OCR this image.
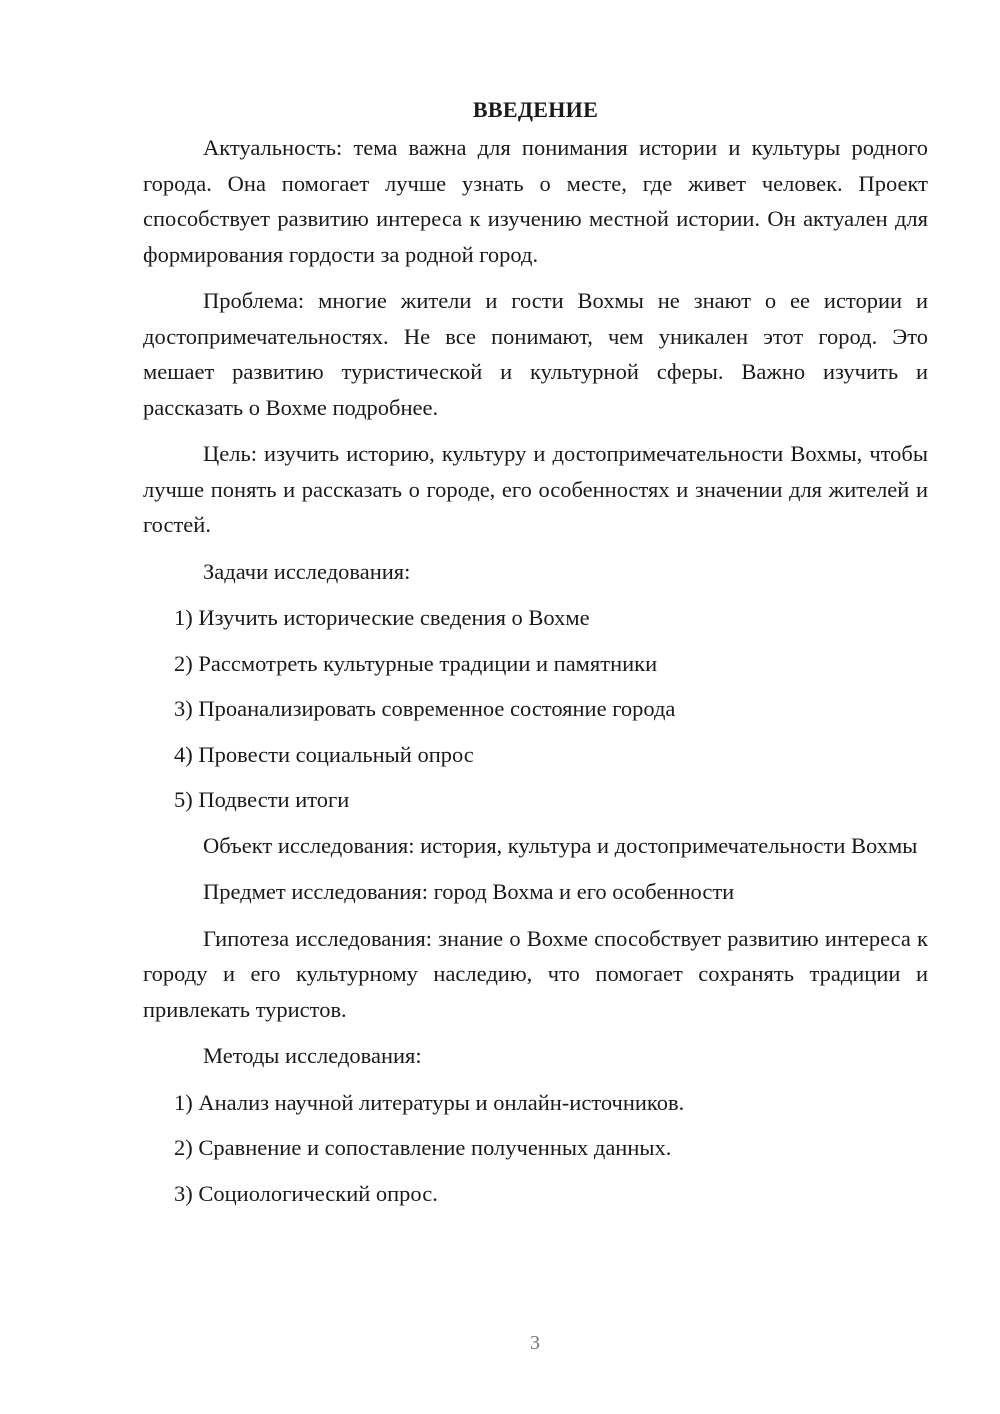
ВВЕДЕНИЕ

Актуальность: тема важна для понимания истории и культуры родного города. Она помогает лучше узнать о месте, где живет человек. Проект способствует развитию интереса к изучению местной истории. Он актуален для формирования гордости за родной город.

Проблема: многие жители и гости Вохмы не знают о ее истории и достопримечательностях. Не все понимают, чем уникален этот город. Это мешает развитию туристической и культурной сферы. Важно изучить и рассказать о Вохме подробнее.

Цель: изучить историю, культуру и достопримечательности Вохмы, чтобы лучше понять и рассказать о городе, его особенностях и значении для жителей и гостей.

Задачи исследования:

1) Изучить исторические сведения о Вохме
2) Рассмотреть культурные традиции и памятники
3) Проанализировать современное состояние города
4) Провести социальный опрос
5) Подвести итоги

Объект исследования: история, культура и достопримечательности Вохмы

Предмет исследования: город Вохма и его особенности

Гипотеза исследования: знание о Вохме способствует развитию интереса к городу и его культурному наследию, что помогает сохранять традиции и привлекать туристов.

Методы исследования:

1) Анализ научной литературы и онлайн-источников.
2) Сравнение и сопоставление полученных данных.
3) Социологический опрос.
3
